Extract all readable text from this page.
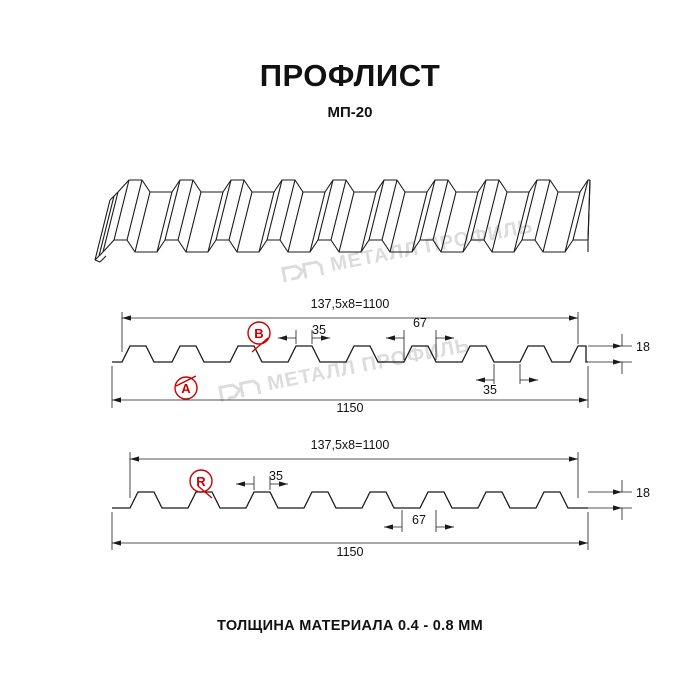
ПРОФЛИСТ
МП-20
МЕТАЛЛ ПРОФИЛЬ
МЕТАЛЛ ПРОФИЛЬ
A
B
137,5x8=1100
1150
18
35	67
35
R
137,5x8=1100
1150
18
35
67
ТОЛЩИНА МАТЕРИАЛА 0.4 - 0.8 ММ
